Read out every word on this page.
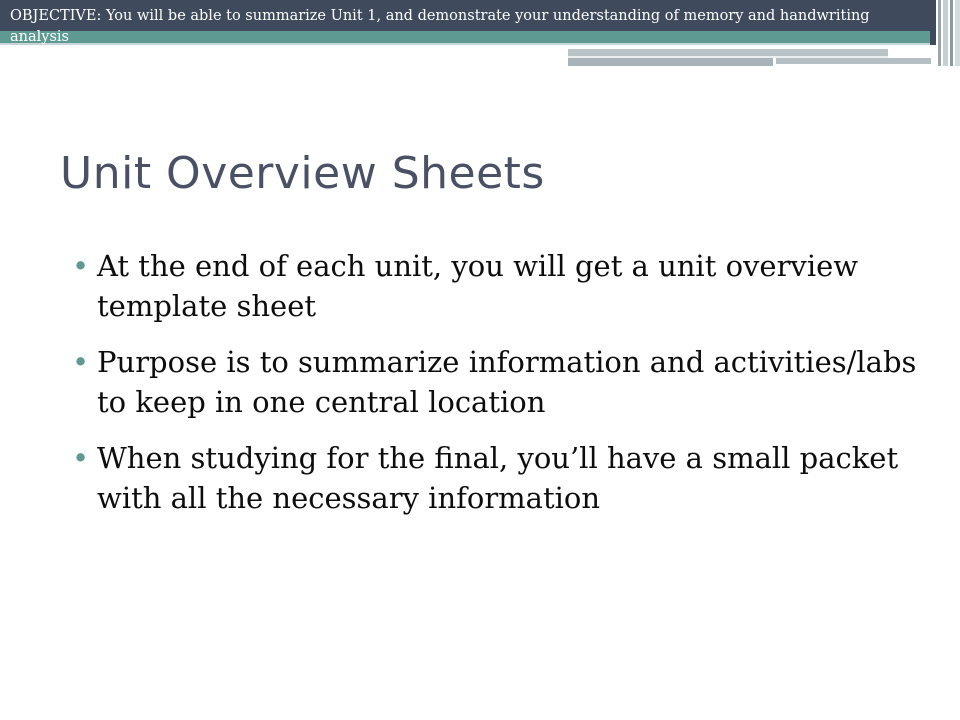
OBJECTIVE: You will be able to summarize Unit 1, and demonstrate your understanding of memory and handwriting analysis

Unit Overview Sheets
• At the end of each unit, you will get a unit overview template sheet
• Purpose is to summarize information and activities/labs to keep in one central location
• When studying for the final, you’ll have a small packet with all the necessary information
